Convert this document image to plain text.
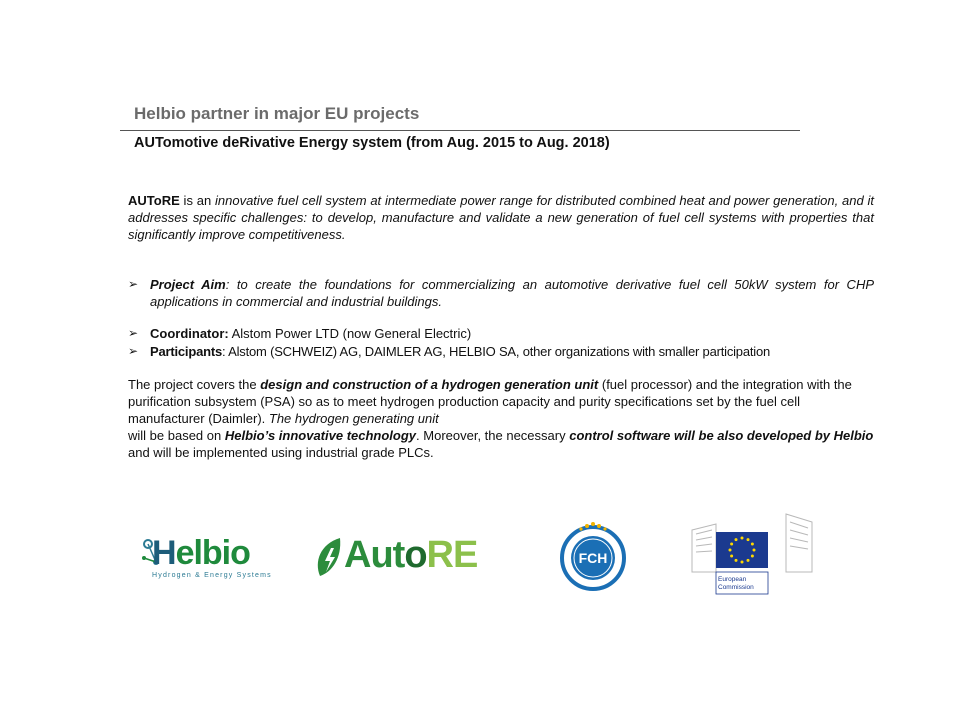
Helbio partner in major EU projects
AUTomotive deRivative Energy system (from Aug. 2015 to Aug. 2018)
AUToRE is an innovative fuel cell system at intermediate power range for distributed combined heat and power generation, and it addresses specific challenges: to develop, manufacture and validate a new generation of fuel cell systems with properties that significantly improve competitiveness.
➢ Project Aim: to create the foundations for commercializing an automotive derivative fuel cell 50kW system for CHP applications in commercial and industrial buildings.
➢ Coordinator: Alstom Power LTD (now General Electric)
➢ Participants: Alstom (SCHWEIZ) AG, DAIMLER AG, HELBIO SA, other organizations with smaller participation
The project covers the design and construction of a hydrogen generation unit (fuel processor) and the integration with the purification subsystem (PSA) so as to meet hydrogen production capacity and purity specifications set by the fuel cell manufacturer (Daimler). The hydrogen generating unit
will be based on Helbio’s innovative technology. Moreover, the necessary control software will be also developed by Helbio and will be implemented using industrial grade PLCs.
Helbio
Hydrogen & Energy Systems AutoRE	FCH
European
Commission
